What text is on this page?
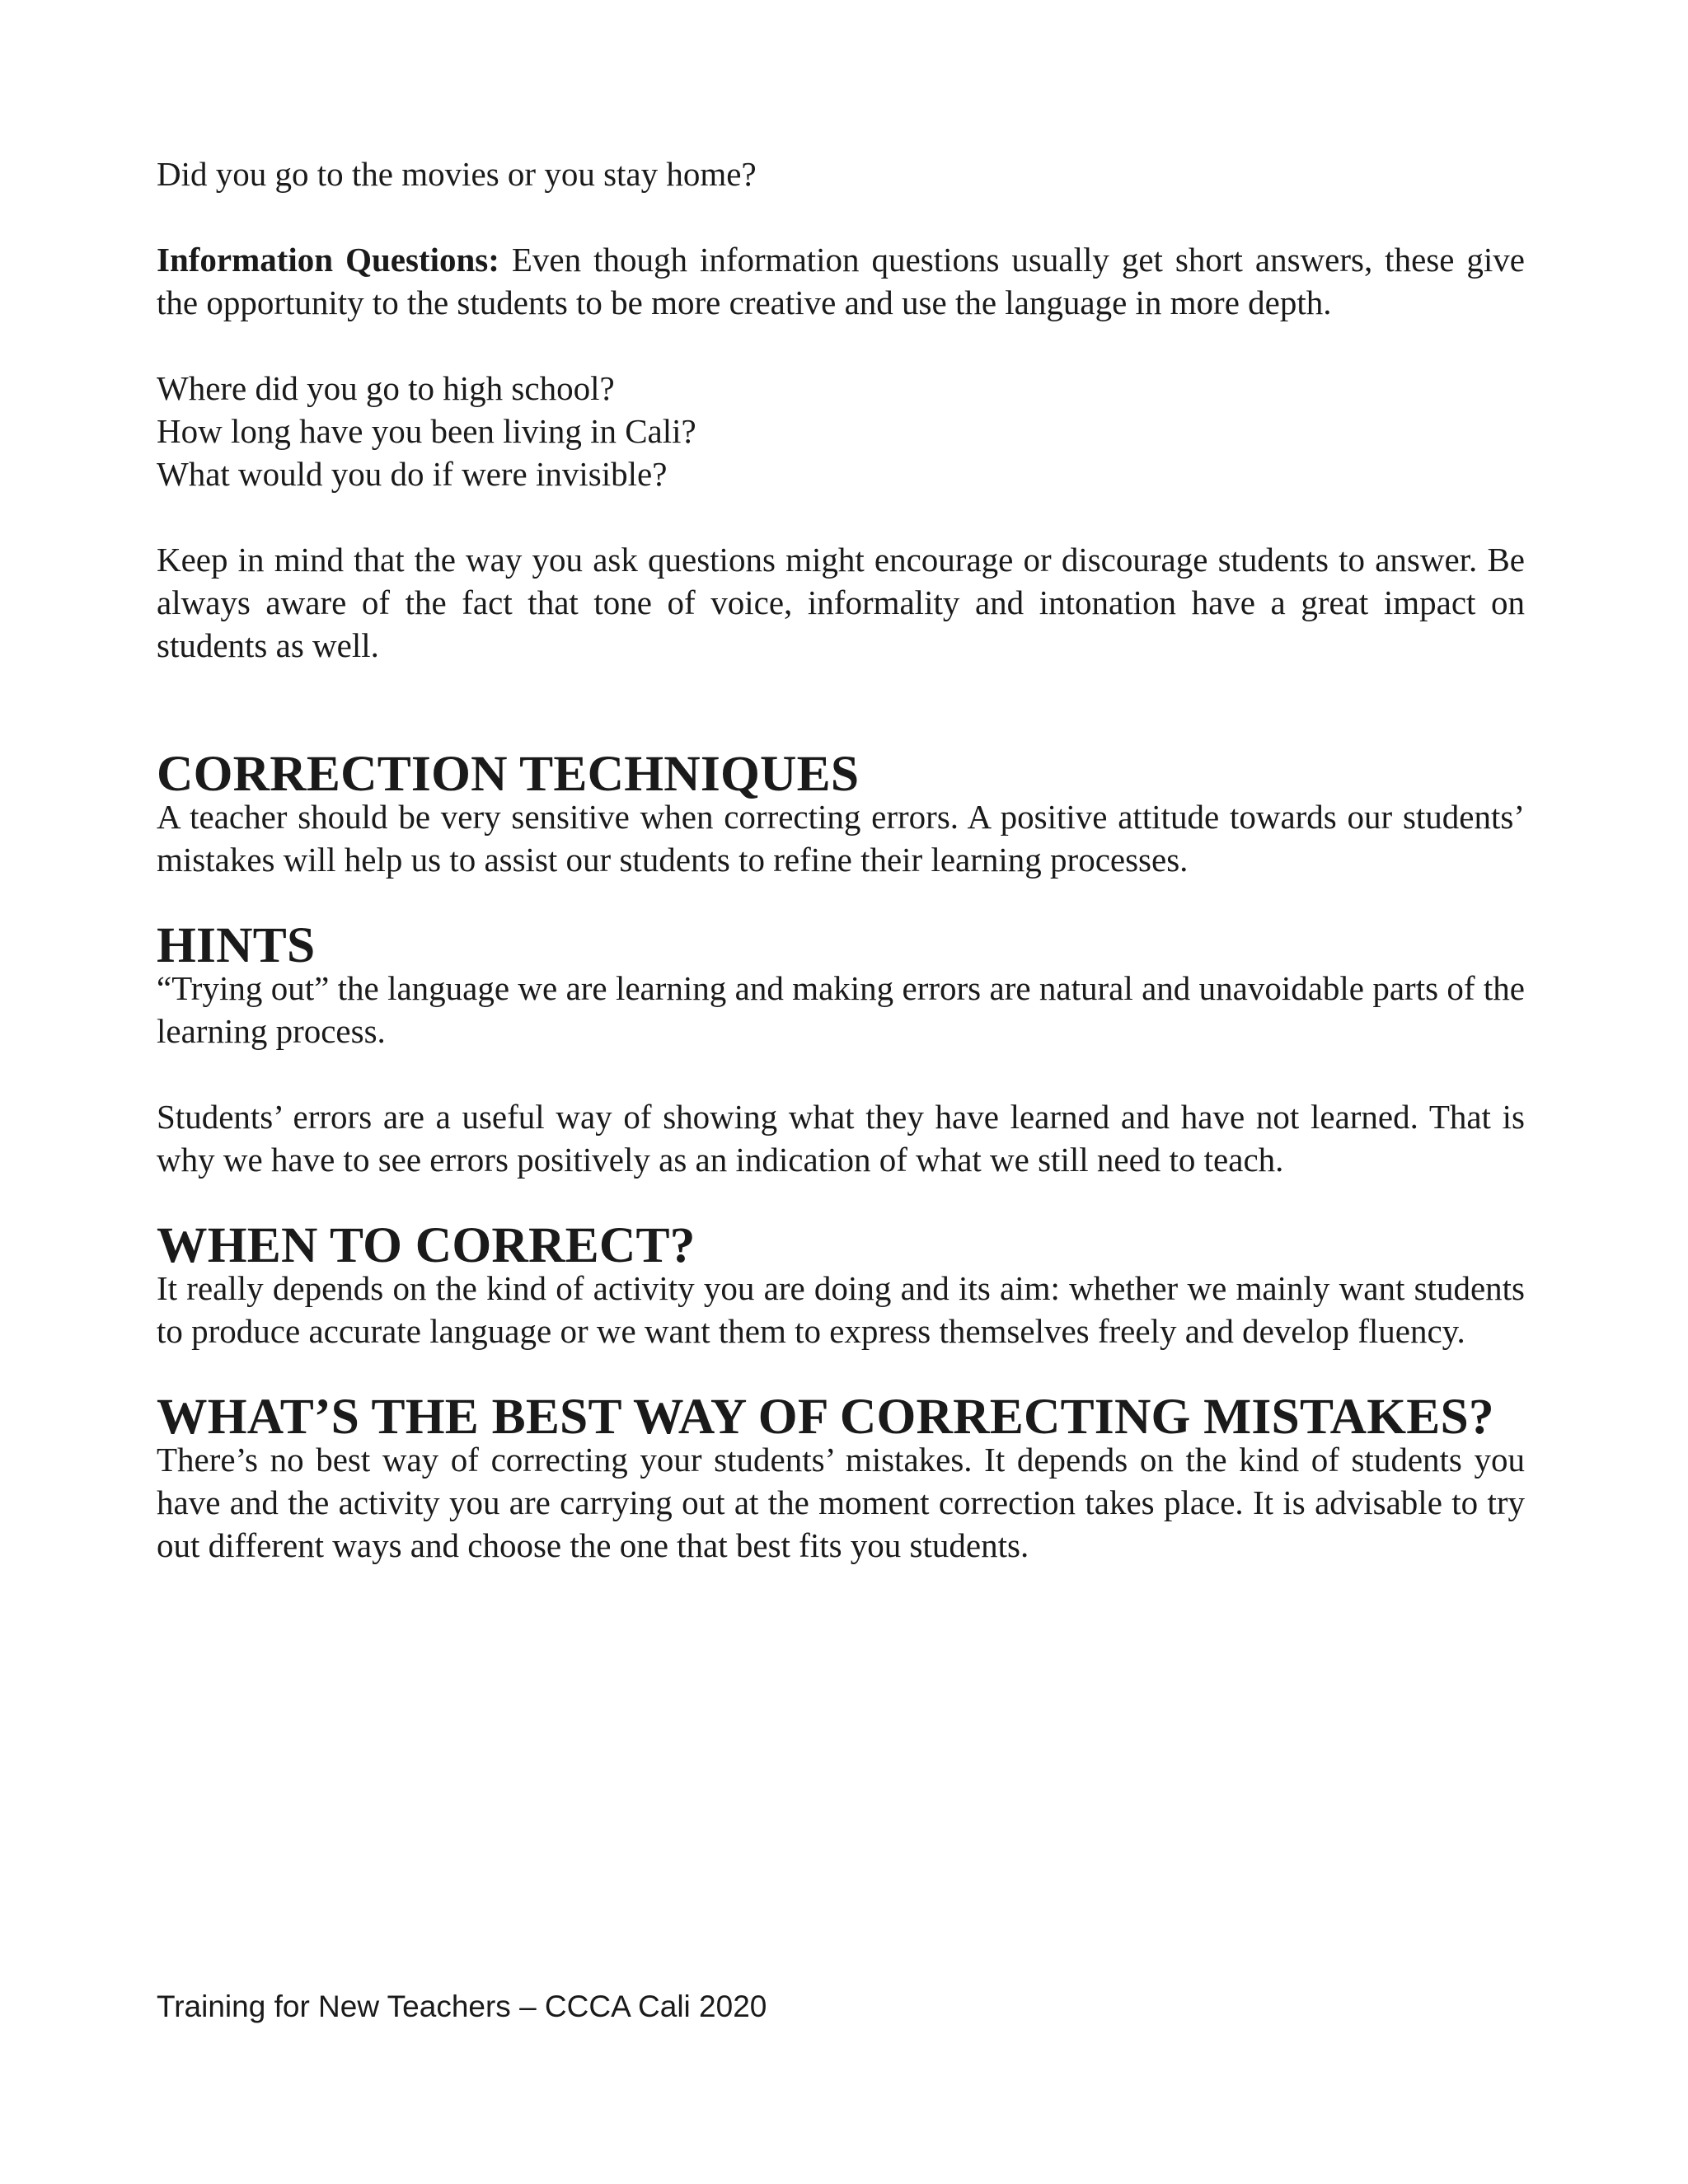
Did you go to the movies or you stay home?

Information Questions: Even though information questions usually get short answers, these give the opportunity to the students to be more creative and use the language in more depth.

Where did you go to high school?
How long have you been living in Cali?
What would you do if were invisible?

Keep in mind that the way you ask questions might encourage or discourage students to answer. Be always aware of the fact that tone of voice, informality and intonation have a great impact on students as well.

CORRECTION TECHNIQUES

A teacher should be very sensitive when correcting errors. A positive attitude towards our students’ mistakes will help us to assist our students to refine their learning processes.

HINTS

“Trying out” the language we are learning and making errors are natural and unavoidable parts of the learning process.

Students’ errors are a useful way of showing what they have learned and have not learned. That is why we have to see errors positively as an indication of what we still need to teach.

WHEN TO CORRECT?

It really depends on the kind of activity you are doing and its aim: whether we mainly want students to produce accurate language or we want them to express themselves freely and develop fluency.

WHAT’S THE BEST WAY OF CORRECTING MISTAKES?

There’s no best way of correcting your students’ mistakes. It depends on the kind of students you have and the activity you are carrying out at the moment correction takes place. It is advisable to try out different ways and choose the one that best fits you students.

Training for New Teachers – CCCA Cali 2020
